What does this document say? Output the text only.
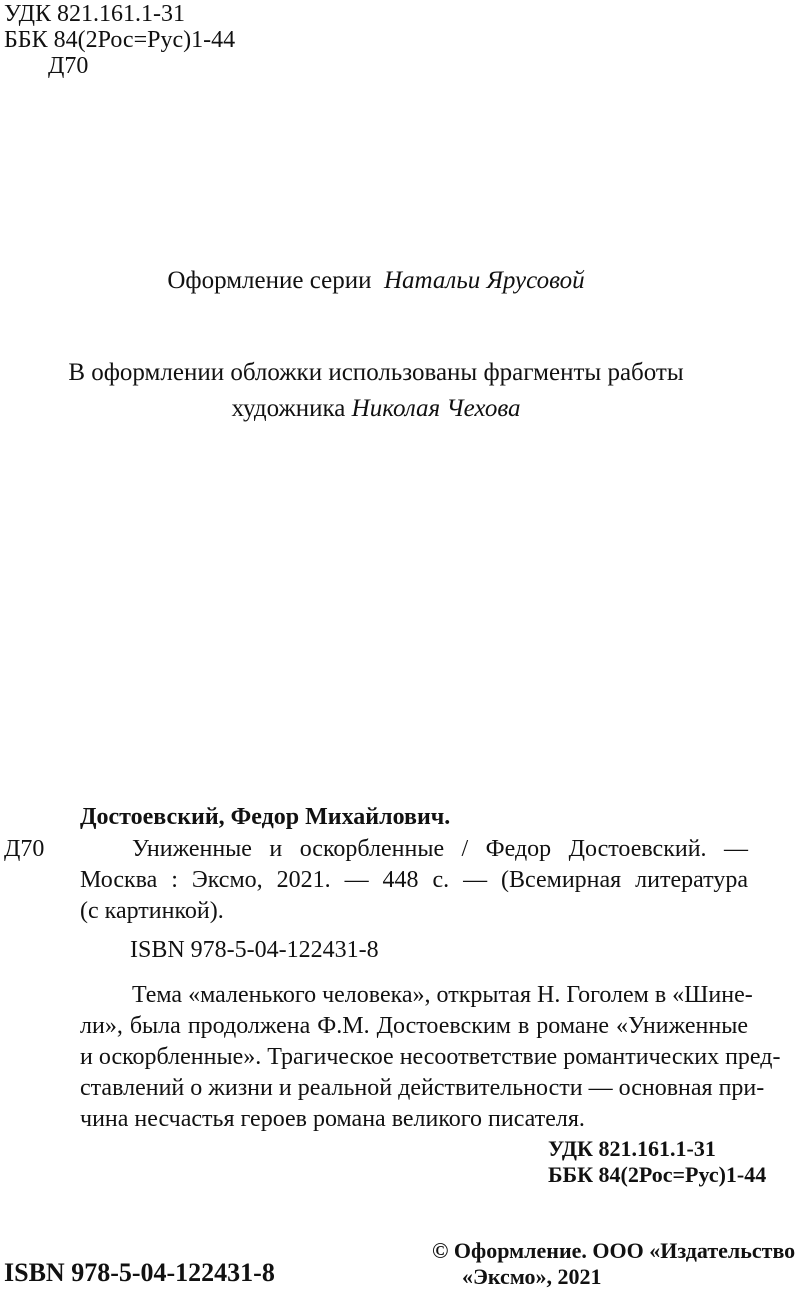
УДК 821.161.1-31
ББК 84(2Рос=Рус)1-44
Д70
Оформление серии Натальи Ярусовой
В оформлении обложки использованы фрагменты работы
художника Николая Чехова
Достоевский, Федор Михайлович.
Д70	Униженные и оскорбленные / Федор Достоевский. —
Москва : Эксмо, 2021. — 448 с. — (Всемирная литература
(с картинкой).
ISBN 978-5-04-122431-8
Тема «маленького человека», открытая Н. Гоголем в «Шине-
ли», была продолжена Ф.М. Достоевским в романе «Униженные
и оскорбленные». Трагическое несоответствие романтических пред-
ставлений о жизни и реальной действительности — основная при-
чина несчастья героев романа великого писателя.
УДК 821.161.1-31
ББК 84(2Рос=Рус)1-44
ISBN 978-5-04-122431-8
© Оформление. ООО «Издательство
«Эксмо», 2021
